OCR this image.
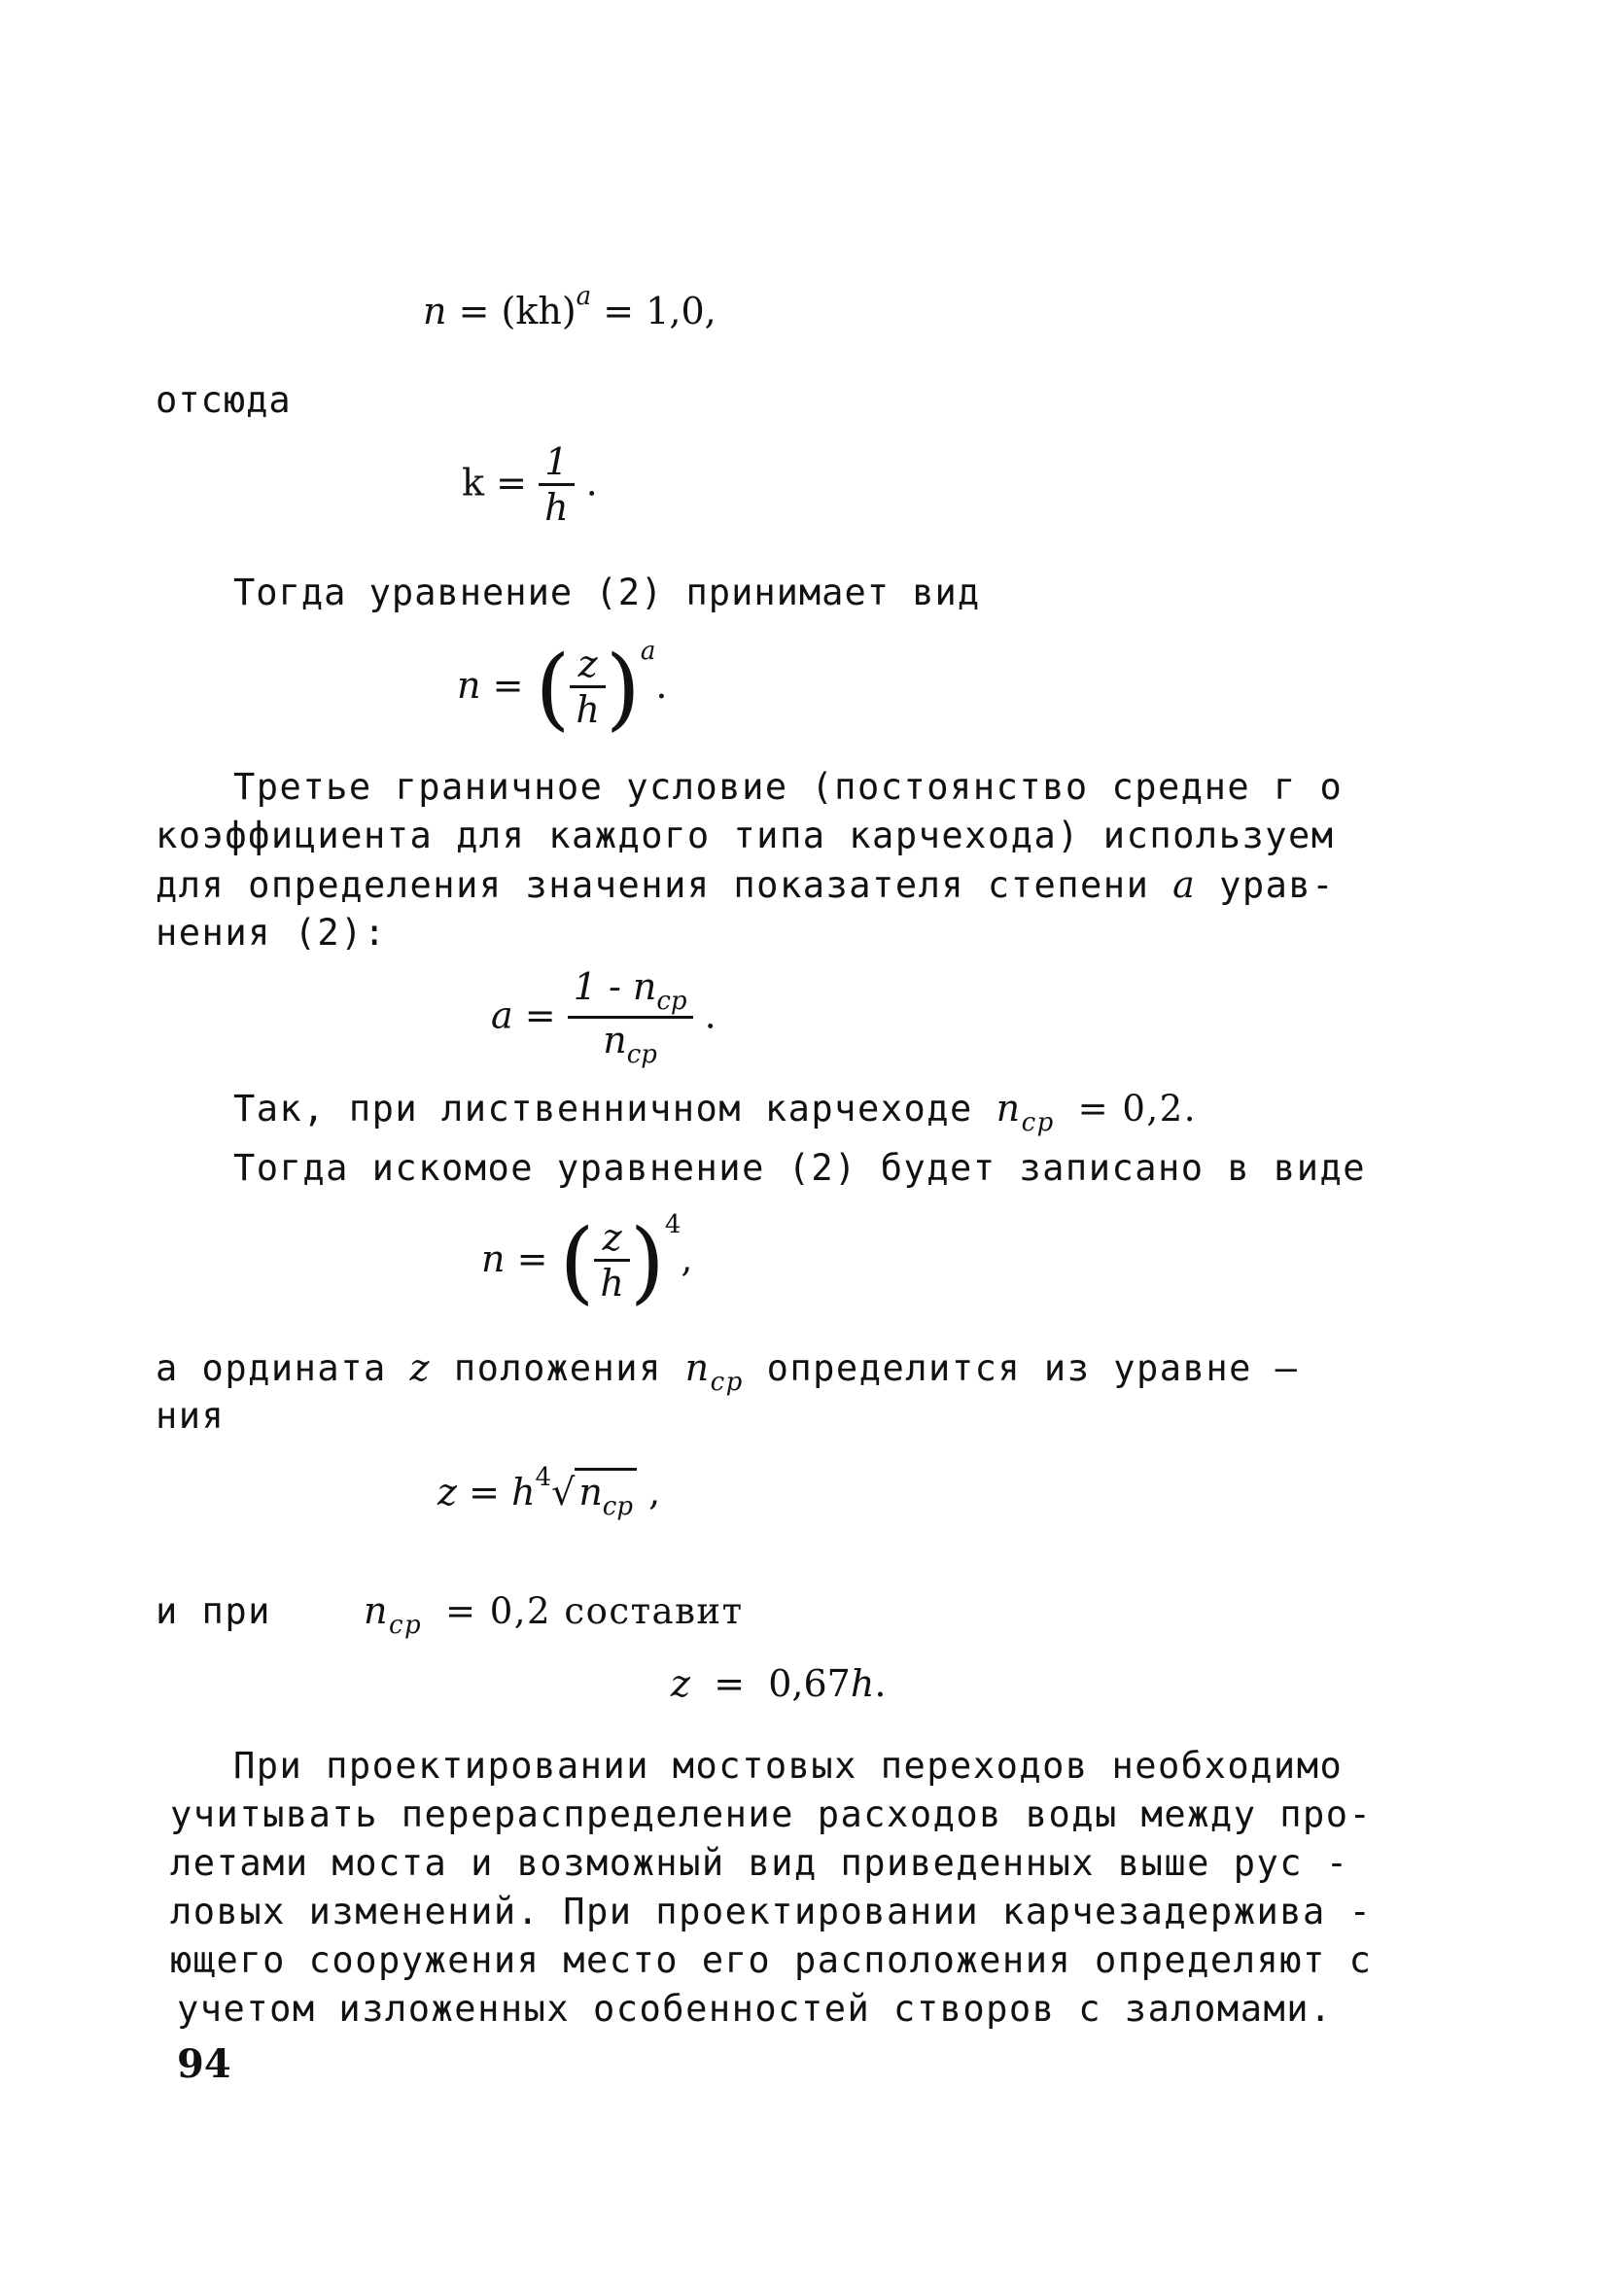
n = (kh)$^a$ = 1,0,
отсюда
$k = \frac{1}{h}$ .
Тогда уравнение (2) принимает вид
n = ( $\frac{z}{h} )^a$.
Третье граничное условие (постоянство средне г о
коэффициента для каждого типа карчехода) используем
для определения значения показателя степени a урав-
нения (2):
$a = \frac{1 - n_{ср}}{n_{ср}}$ .
Так, при лиственничном карчеходе $n_{ср} = 0,2$.
Тогда искомое уравнение (2) будет записано в виде
n = ( $\frac{z}{h} )^4$,
а ордината z положения $n_{ср}$ определится из уравне –
ния
$z = h^4√$ $n_{ср}$ ,
и при	$n_{ср} = 0,2$ составит
z = 0,67h.
При проектировании мостовых переходов необходимо
учитывать перераспределение расходов воды между про-
летами моста и возможный вид приведенных выше рус -
ловых изменений. При проектировании карчезадержива -
ющего сооружения место его расположения определяют с
учетом изложенных особенностей створов с заломами.
94
